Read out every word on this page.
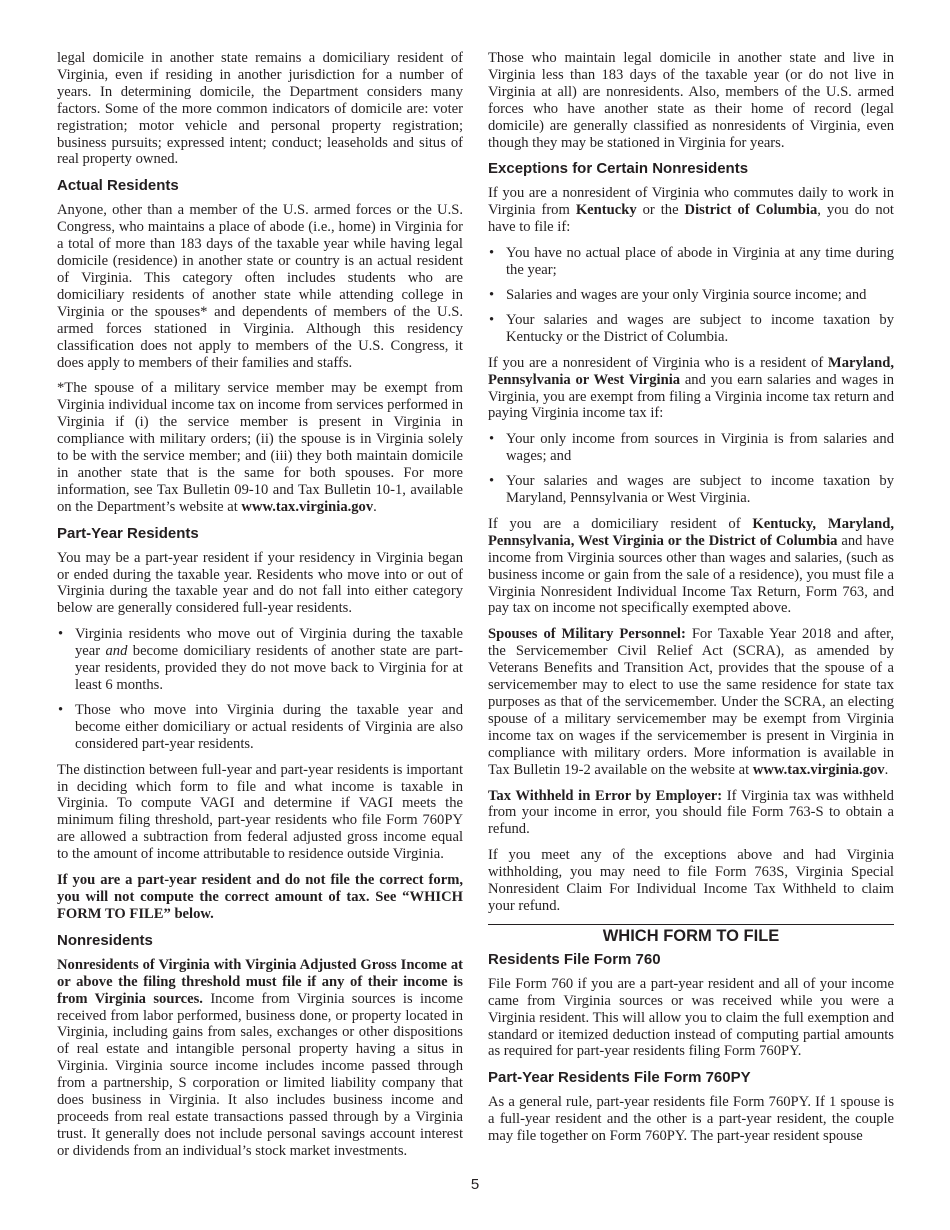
legal domicile in another state remains a domiciliary resident of Virginia, even if residing in another jurisdiction for a number of years. In determining domicile, the Department considers many factors. Some of the more common indicators of domicile are: voter registration; motor vehicle and personal property registration; business pursuits; expressed intent; conduct; leaseholds and situs of real property owned.

Actual Residents

Anyone, other than a member of the U.S. armed forces or the U.S. Congress, who maintains a place of abode (i.e., home) in Virginia for a total of more than 183 days of the taxable year while having legal domicile (residence) in another state or country is an actual resident of Virginia. This category often includes students who are domiciliary residents of another state while attending college in Virginia or the spouses* and dependents of members of the U.S. armed forces stationed in Virginia. Although this residency classification does not apply to members of the U.S. Congress, it does apply to members of their families and staffs.

*The spouse of a military service member may be exempt from Virginia individual income tax on income from services performed in Virginia if (i) the service member is present in Virginia in compliance with military orders; (ii) the spouse is in Virginia solely to be with the service member; and (iii) they both maintain domicile in another state that is the same for both spouses. For more information, see Tax Bulletin 09-10 and Tax Bulletin 10-1, available on the Department’s website at www.tax.virginia.gov.

Part-Year Residents

You may be a part-year resident if your residency in Virginia began or ended during the taxable year. Residents who move into or out of Virginia during the taxable year and do not fall into either category below are generally considered full-year residents.

• Virginia residents who move out of Virginia during the taxable year and become domiciliary residents of another state are part-year residents, provided they do not move back to Virginia for at least 6 months.
• Those who move into Virginia during the taxable year and become either domiciliary or actual residents of Virginia are also considered part-year residents.

The distinction between full-year and part-year residents is important in deciding which form to file and what income is taxable in Virginia. To compute VAGI and determine if VAGI meets the minimum filing threshold, part-year residents who file Form 760PY are allowed a subtraction from federal adjusted gross income equal to the amount of income attributable to residence outside Virginia.

If you are a part-year resident and do not file the correct form, you will not compute the correct amount of tax. See “WHICH FORM TO FILE” below.

Nonresidents

Nonresidents of Virginia with Virginia Adjusted Gross Income at or above the filing threshold must file if any of their income is from Virginia sources. Income from Virginia sources is income received from labor performed, business done, or property located in Virginia, including gains from sales, exchanges or other dispositions of real estate and intangible personal property having a situs in Virginia. Virginia source income includes income passed through from a partnership, S corporation or limited liability company that does business in Virginia. It also includes business income and proceeds from real estate transactions passed through by a Virginia trust. It generally does not include personal savings account interest or dividends from an individual’s stock market investments.

Those who maintain legal domicile in another state and live in Virginia less than 183 days of the taxable year (or do not live in Virginia at all) are nonresidents. Also, members of the U.S. armed forces who have another state as their home of record (legal domicile) are generally classified as nonresidents of Virginia, even though they may be stationed in Virginia for years.

Exceptions for Certain Nonresidents

If you are a nonresident of Virginia who commutes daily to work in Virginia from Kentucky or the District of Columbia, you do not have to file if:

• You have no actual place of abode in Virginia at any time during the year;
• Salaries and wages are your only Virginia source income; and
• Your salaries and wages are subject to income taxation by Kentucky or the District of Columbia.

If you are a nonresident of Virginia who is a resident of Maryland, Pennsylvania or West Virginia and you earn salaries and wages in Virginia, you are exempt from filing a Virginia income tax return and paying Virginia income tax if:

• Your only income from sources in Virginia is from salaries and wages; and
• Your salaries and wages are subject to income taxation by Maryland, Pennsylvania or West Virginia.

If you are a domiciliary resident of Kentucky, Maryland, Pennsylvania, West Virginia or the District of Columbia and have income from Virginia sources other than wages and salaries, (such as business income or gain from the sale of a residence), you must file a Virginia Nonresident Individual Income Tax Return, Form 763, and pay tax on income not specifically exempted above.

Spouses of Military Personnel: For Taxable Year 2018 and after, the Servicemember Civil Relief Act (SCRA), as amended by Veterans Benefits and Transition Act, provides that the spouse of a servicemember may to elect to use the same residence for state tax purposes as that of the servicemember. Under the SCRA, an electing spouse of a military servicemember may be exempt from Virginia income tax on wages if the servicemember is present in Virginia in compliance with military orders. More information is available in Tax Bulletin 19-2 available on the website at www.tax.virginia.gov.

Tax Withheld in Error by Employer: If Virginia tax was withheld from your income in error, you should file Form 763-S to obtain a refund.

If you meet any of the exceptions above and had Virginia withholding, you may need to file Form 763S, Virginia Special Nonresident Claim For Individual Income Tax Withheld to claim your refund.

WHICH FORM TO FILE
Residents File Form 760

File Form 760 if you are a part-year resident and all of your income came from Virginia sources or was received while you were a Virginia resident. This will allow you to claim the full exemption and standard or itemized deduction instead of computing partial amounts as required for part-year residents filing Form 760PY.

Part-Year Residents File Form 760PY

As a general rule, part-year residents file Form 760PY. If 1 spouse is a full-year resident and the other is a part-year resident, the couple may file together on Form 760PY. The part-year resident spouse

5
